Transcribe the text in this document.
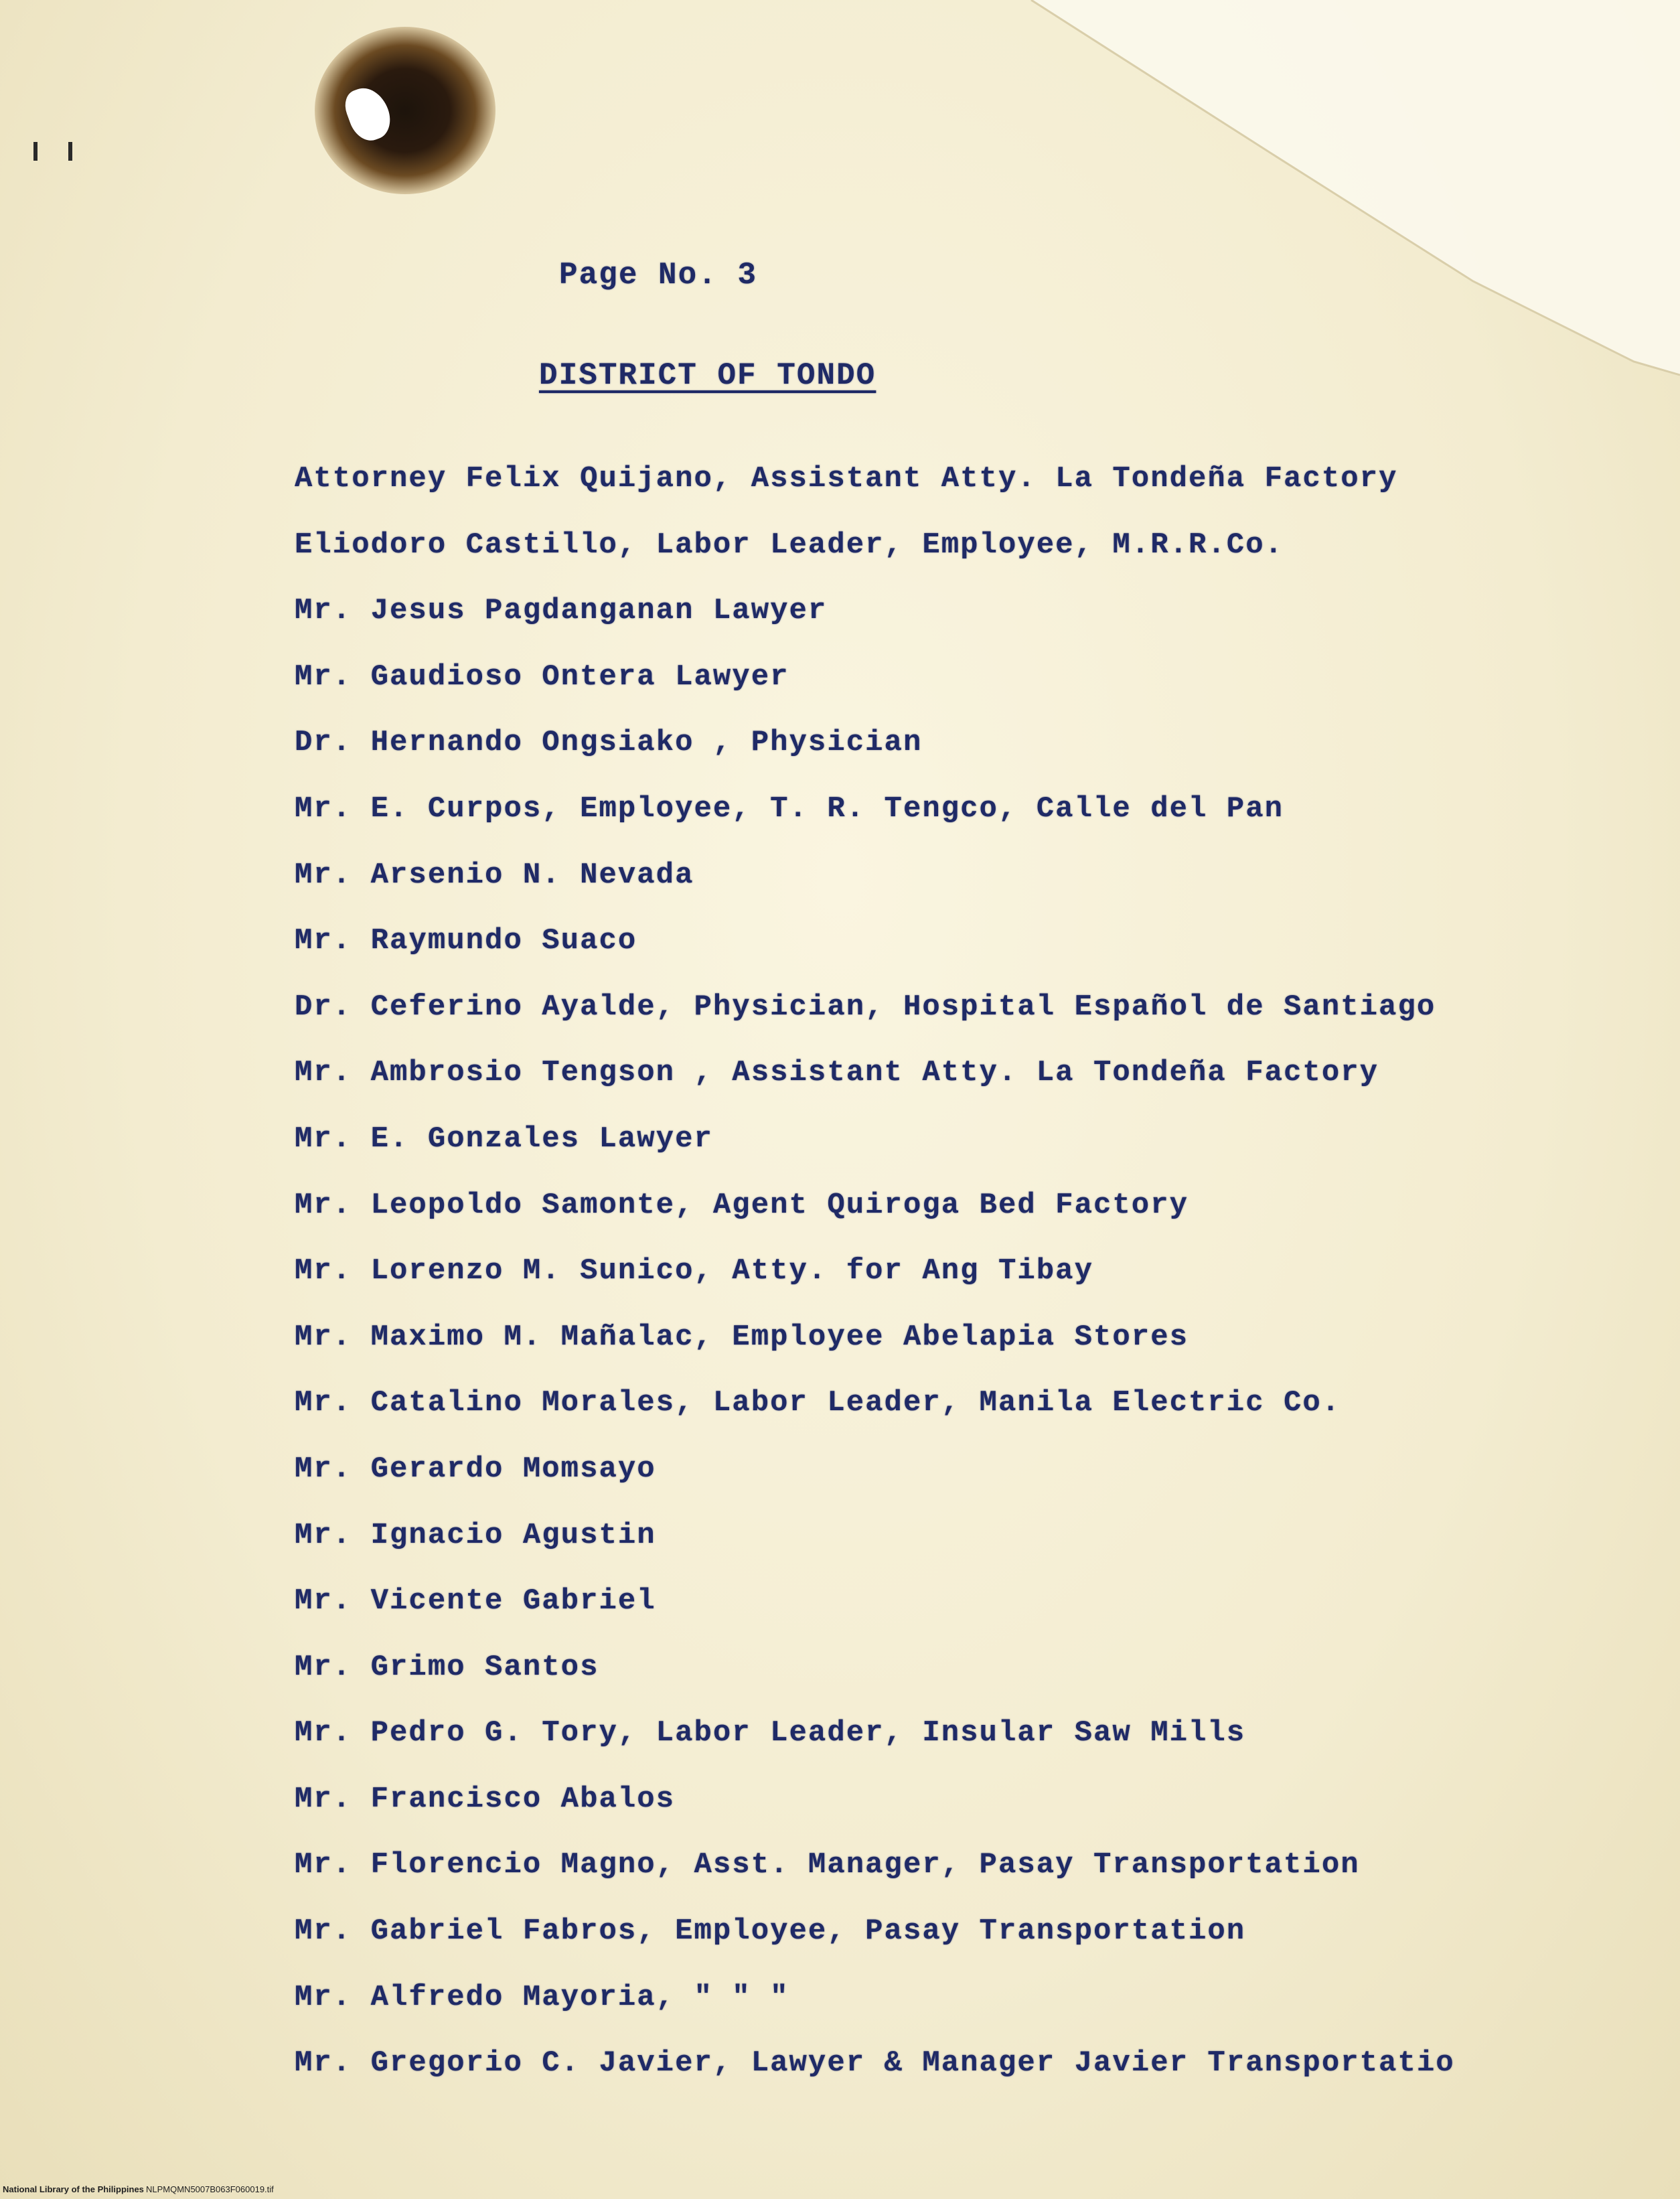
Page No. 3
DISTRICT OF TONDO
Attorney Felix Quijano, Assistant Atty. La Tondeña Factory
Eliodoro Castillo, Labor Leader, Employee, M.R.R.Co.
Mr. Jesus Pagdanganan Lawyer
Mr. Gaudioso Ontera Lawyer
Dr. Hernando Ongsiako , Physician
Mr. E. Curpos, Employee, T. R. Tengco, Calle del Pan
Mr. Arsenio N. Nevada
Mr. Raymundo Suaco
Dr. Ceferino Ayalde, Physician, Hospital Español de Santiago
Mr. Ambrosio Tengson , Assistant Atty. La Tondeña Factory
Mr. E. Gonzales Lawyer
Mr. Leopoldo Samonte, Agent Quiroga Bed Factory
Mr. Lorenzo M. Sunico, Atty. for Ang Tibay
Mr. Maximo M. Mañalac, Employee Abelapia Stores
Mr. Catalino Morales, Labor Leader, Manila Electric Co.
Mr. Gerardo Momsayo
Mr. Ignacio Agustin
Mr. Vicente Gabriel
Mr. Grimo Santos
Mr. Pedro G. Tory, Labor Leader, Insular Saw Mills
Mr. Francisco Abalos
Mr. Florencio Magno, Asst. Manager, Pasay Transportation
Mr. Gabriel Fabros, Employee, Pasay Transportation
Mr. Alfredo Mayoria, " " "
Mr. Gregorio C. Javier, Lawyer & Manager Javier Transportatio
National Library of the Philippines NLPMQMN5007B063F060019.tif
